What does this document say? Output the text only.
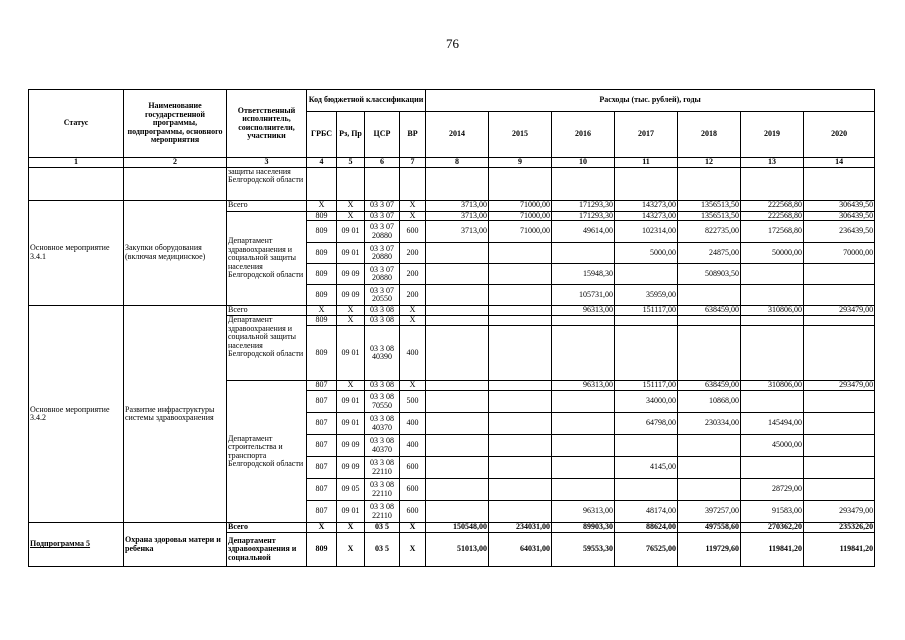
76
Статус	Наименование государственной программы, подпрограммы, основного мероприятия	Ответственный исполнитель, соисполнители, участники	Код бюджетной классификации				Расходы (тыс. рублей), годы						
			ГРБС	Рз, Пр	ЦСР	ВР	2014	2015	2016	2017	2018	2019	2020
1	2	3	4	5	6	7	8	9	10	11	12	13	14
		защиты населения Белгородской области											
Основное мероприятие 3.4.1	Закупки оборудования (включая медицинское)	Всего	X	X	03 3 07	X	3713,00	71000,00	171293,30	143273,00	1356513,50	222568,80	306439,50
		Департамент здравоохранения и социальной защиты населения Белгородской области	809	X	03 3 07	X	3713,00	71000,00	171293,30	143273,00	1356513,50	222568,80	306439,50
			809	09 01	03 3 07 20880	600	3713,00	71000,00	49614,00	102314,00	822735,00	172568,80	236439,50
			809	09 01	03 3 07 20880	200				5000,00	24875,00	50000,00	70000,00
			809	09 09	03 3 07 20880	200			15948,30		508903,50		
			809	09 09	03 3 07 20550	200			105731,00	35959,00			
Основное мероприятие 3.4.2	Развитие инфраструктуры системы здравоохранения	Всего	X	X	03 3 08	X			96313,00	151117,00	638459,00	310806,00	293479,00
		Департамент здравоохранения и социальной защиты населения Белгородской области	809	X	03 3 08	X							
			809	09 01	03 3 08 40390	400							
		Департамент строительства и транспорта Белгородской области	807	X	03 3 08	X			96313,00	151117,00	638459,00	310806,00	293479,00
			807	09 01	03 3 08 70550	500				34000,00	10868,00		
			807	09 01	03 3 08 40370	400				64798,00	230334,00	145494,00	
			807	09 09	03 3 08 40370	400						45000,00	
			807	09 09	03 3 08 22110	600				4145,00			
			807	09 05	03 3 08 22110	600						28729,00	
			807	09 01	03 3 08 22110	600			96313,00	48174,00	397257,00	91583,00	293479,00
Подпрограмма 5	Охрана здоровья матери и ребенка	Всего	X	X	03 5	X	150548,00	234031,00	89903,30	88624,00	497558,60	270362,20	235326,20
		Департамент здравоохранения и социальной	809	X	03 5	X	51013,00	64031,00	59553,30	76525,00	119729,60	119841,20	119841,20
